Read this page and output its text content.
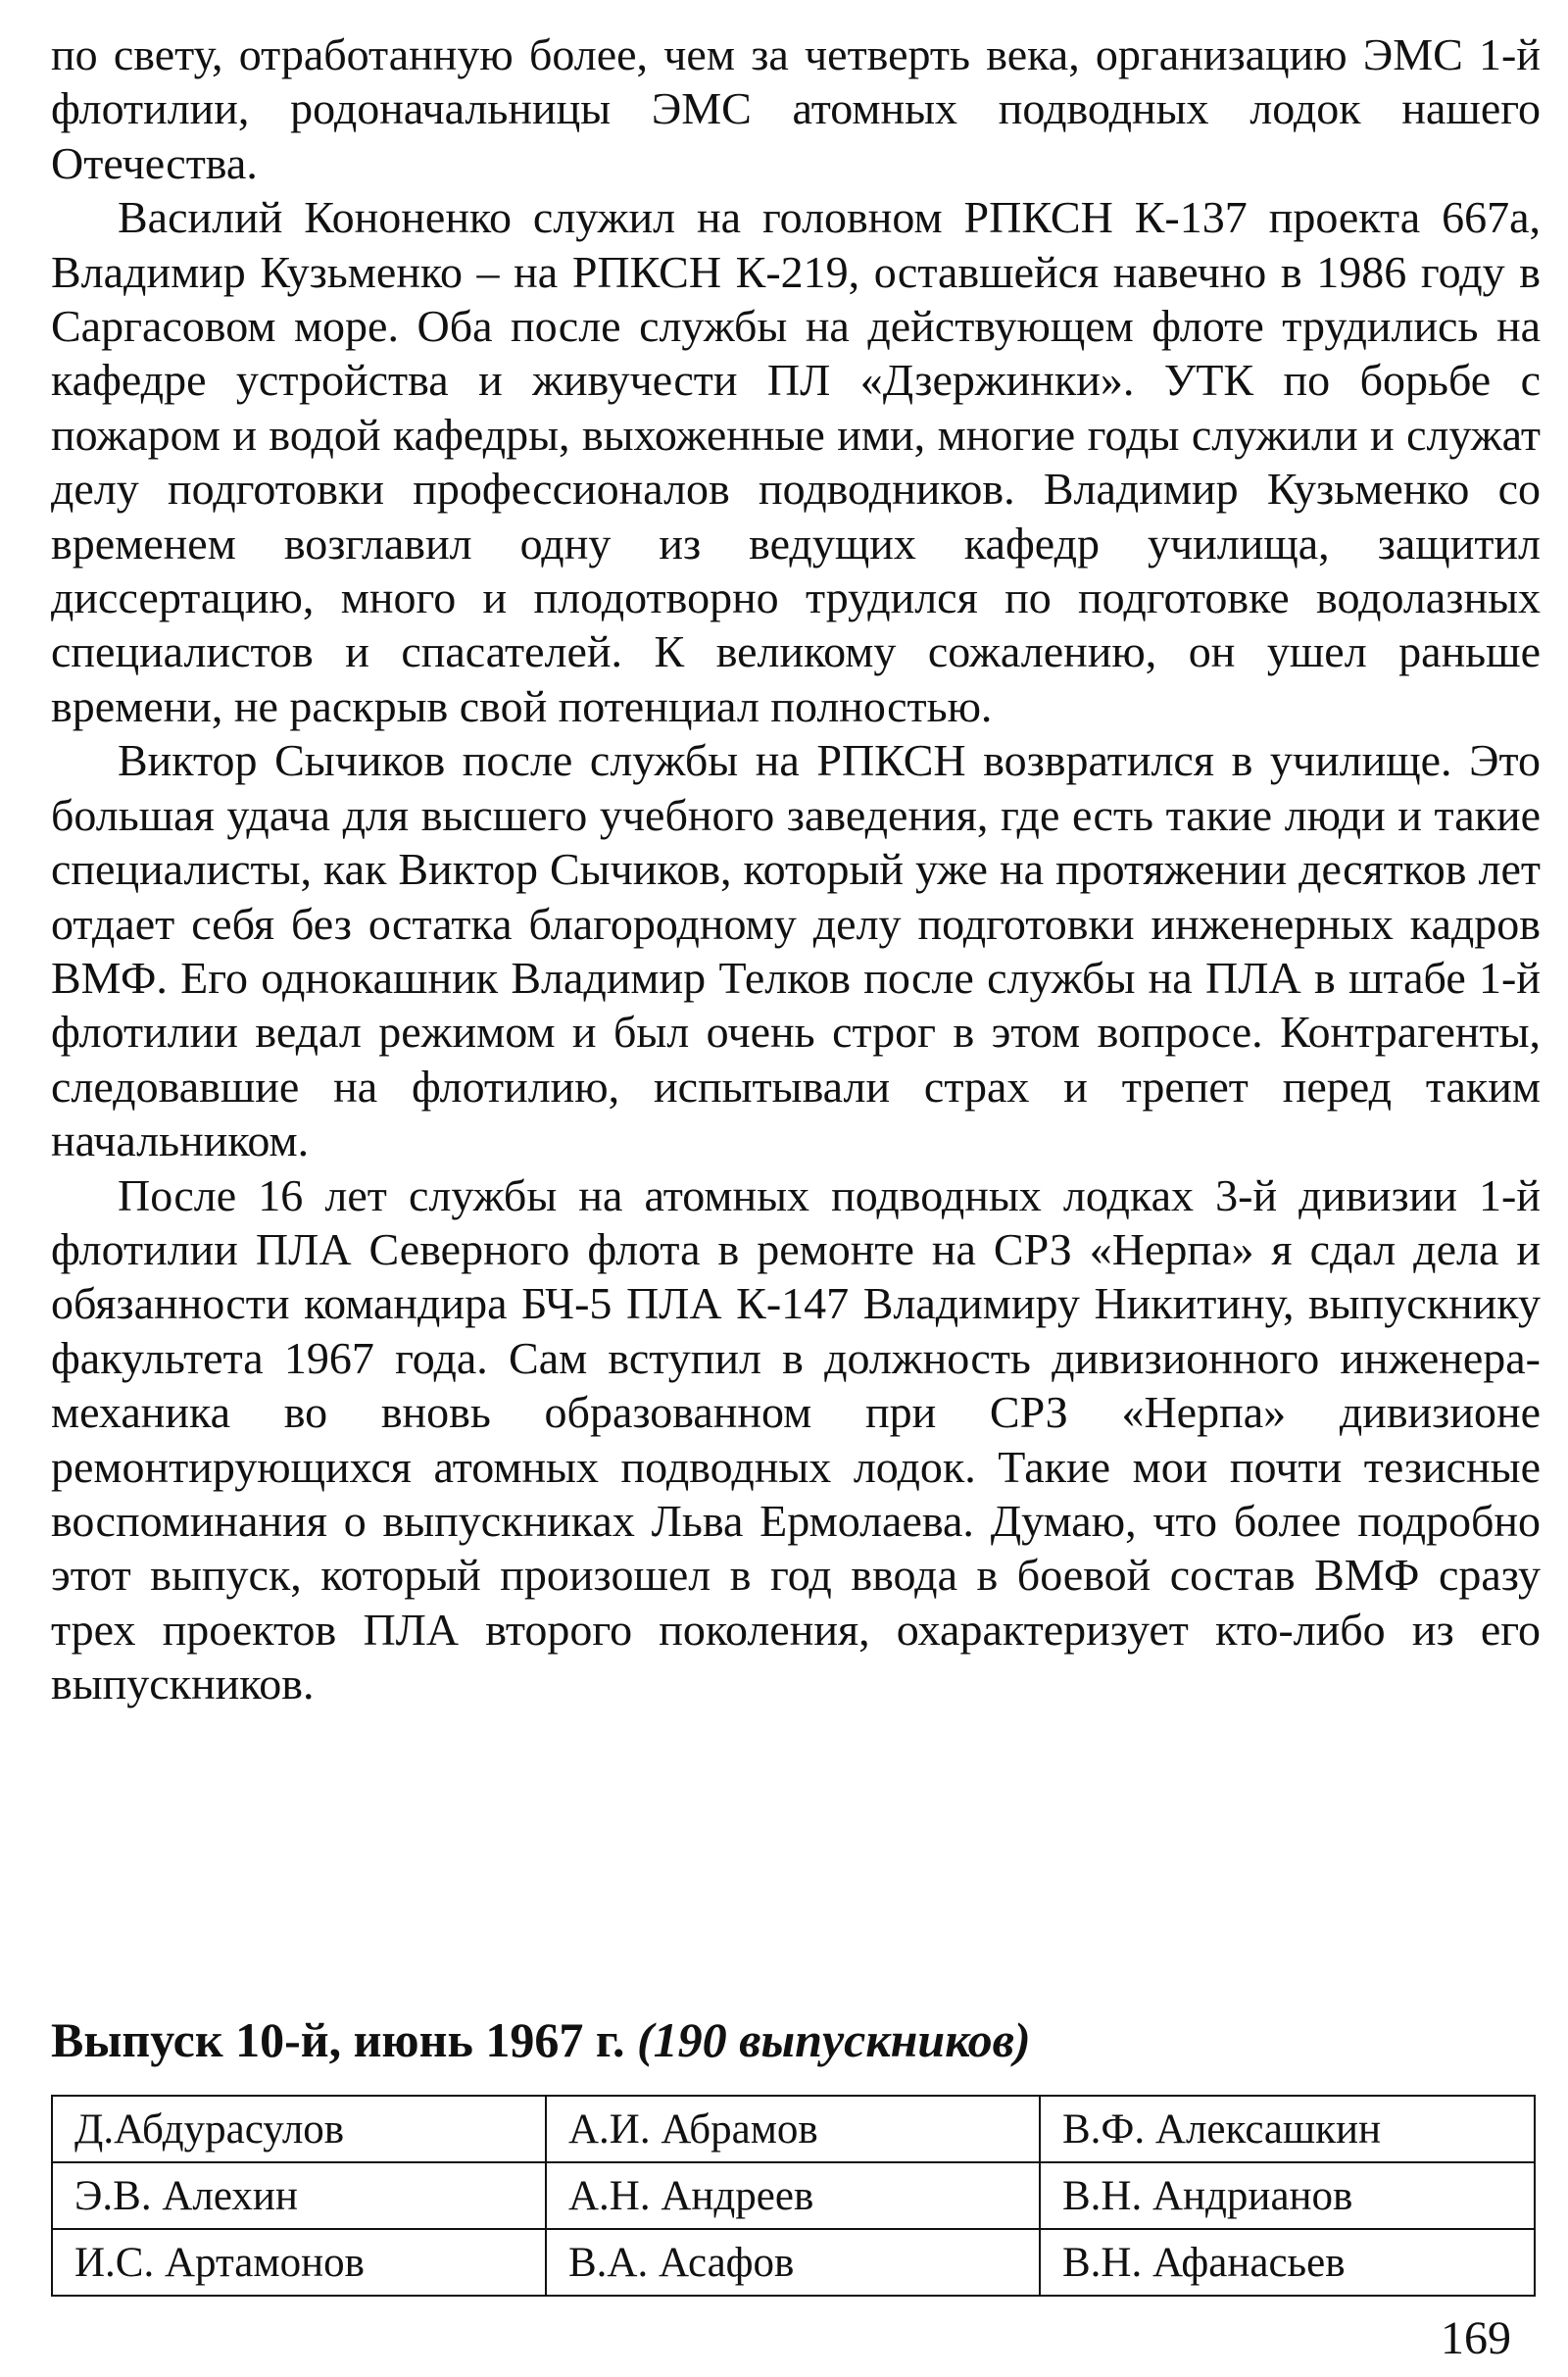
по свету, отработанную более, чем за четверть века, организацию ЭМС 1-й флотилии, родоначальницы ЭМС атомных подводных лодок нашего Отечества.

Василий Кононенко служил на головном РПКСН К-137 проекта 667а, Владимир Кузьменко – на РПКСН К-219, оставшейся навечно в 1986 году в Саргасовом море. Оба после службы на действующем флоте трудились на кафедре устройства и живучести ПЛ «Дзержинки». УТК по борьбе с пожаром и водой кафедры, выхоженные ими, многие годы служили и служат делу подготовки профессионалов подводников. Владимир Кузьменко со временем возглавил одну из ведущих кафедр училища, защитил диссертацию, много и плодотворно трудился по подготовке водолазных специалистов и спасателей. К великому сожалению, он ушел раньше времени, не раскрыв свой потенциал полностью.

Виктор Сычиков после службы на РПКСН возвратился в училище. Это большая удача для высшего учебного заведения, где есть такие люди и такие специалисты, как Виктор Сычиков, который уже на протяжении десятков лет отдает себя без остатка благородному делу подготовки инженерных кадров ВМФ. Его однокашник Владимир Телков после службы на ПЛА в штабе 1-й флотилии ведал режимом и был очень строг в этом вопросе. Контрагенты, следовавшие на флотилию, испытывали страх и трепет перед таким начальником.

После 16 лет службы на атомных подводных лодках 3-й дивизии 1-й флотилии ПЛА Северного флота в ремонте на СРЗ «Нерпа» я сдал дела и обязанности командира БЧ-5 ПЛА К-147 Владимиру Никитину, выпускнику факультета 1967 года. Сам вступил в должность дивизионного инженера-механика во вновь образованном при СРЗ «Нерпа» дивизионе ремонтирующихся атомных подводных лодок. Такие мои почти тезисные воспоминания о выпускниках Льва Ермолаева. Думаю, что более подробно этот выпуск, который произошел в год ввода в боевой состав ВМФ сразу трех проектов ПЛА второго поколения, охарактеризует кто-либо из его выпускников.

Выпуск 10-й, июнь 1967 г. (190 выпускников)

Д.Абдурасулов	А.И. Абрамов	В.Ф. Алексашкин
Э.В. Алехин	А.Н. Андреев	В.Н. Андрианов
И.С. Артамонов	В.А. Асафов	В.Н. Афанасьев

169
